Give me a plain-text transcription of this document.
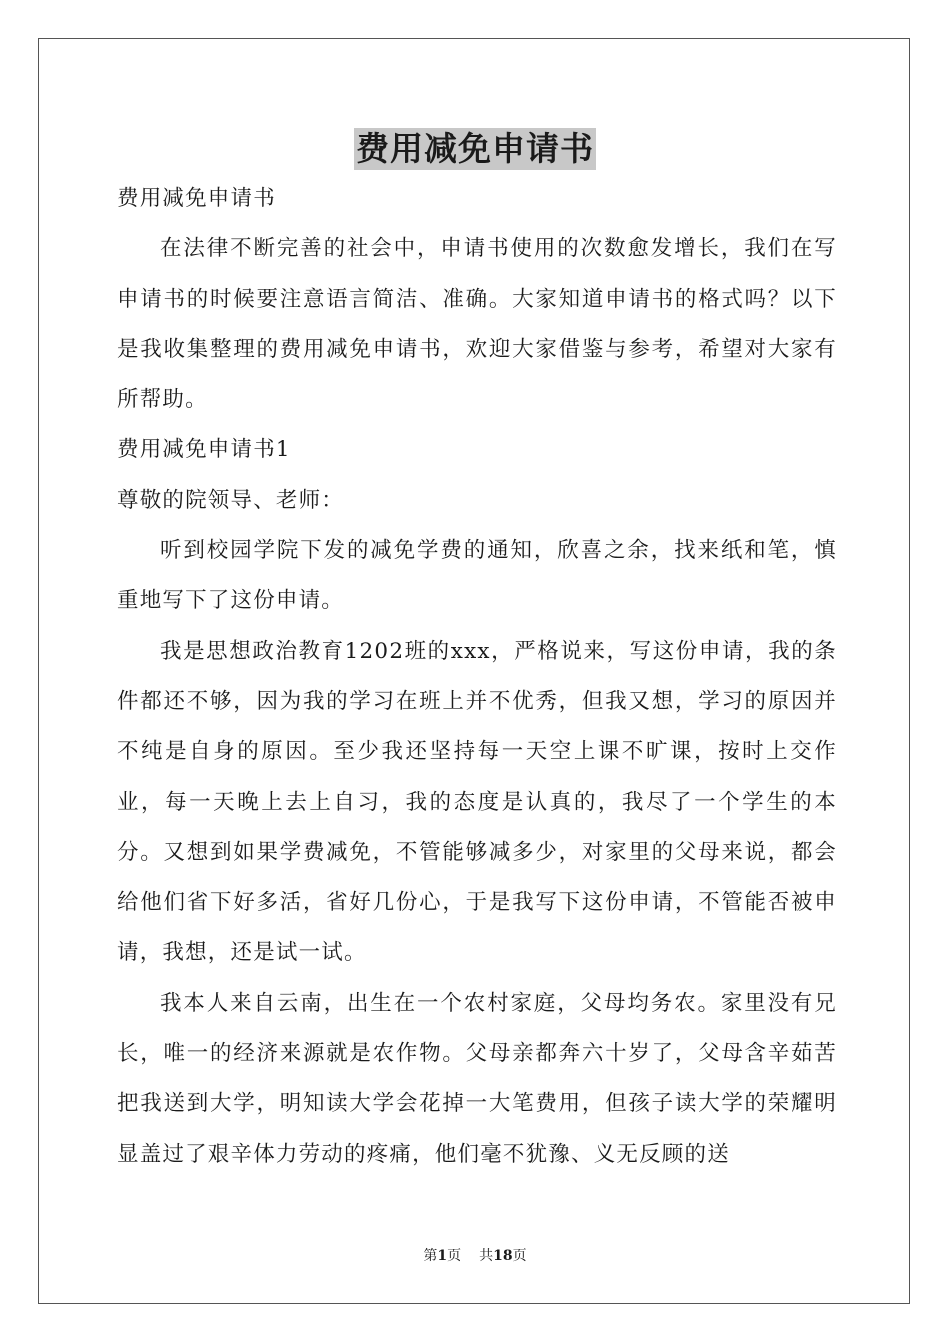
费用减免申请书

费用减免申请书

在法律不断完善的社会中，申请书使用的次数愈发增长，我们在写申请书的时候要注意语言简洁、准确。大家知道申请书的格式吗？以下是我收集整理的费用减免申请书，欢迎大家借鉴与参考，希望对大家有所帮助。

费用减免申请书1

尊敬的院领导、老师：

听到校园学院下发的减免学费的通知，欣喜之余，找来纸和笔，慎重地写下了这份申请。

我是思想政治教育1202班的xxx，严格说来，写这份申请，我的条件都还不够，因为我的学习在班上并不优秀，但我又想，学习的原因并不纯是自身的原因。至少我还坚持每一天空上课不旷课，按时上交作业，每一天晚上去上自习，我的态度是认真的，我尽了一个学生的本分。又想到如果学费减免，不管能够减多少，对家里的父母来说，都会给他们省下好多活，省好几份心，于是我写下这份申请，不管能否被申请，我想，还是试一试。

我本人来自云南，出生在一个农村家庭，父母均务农。家里没有兄长，唯一的经济来源就是农作物。父母亲都奔六十岁了，父母含辛茹苦把我送到大学，明知读大学会花掉一大笔费用，但孩子读大学的荣耀明显盖过了艰辛体力劳动的疼痛，他们毫不犹豫、义无反顾的送

第1页 共18页
